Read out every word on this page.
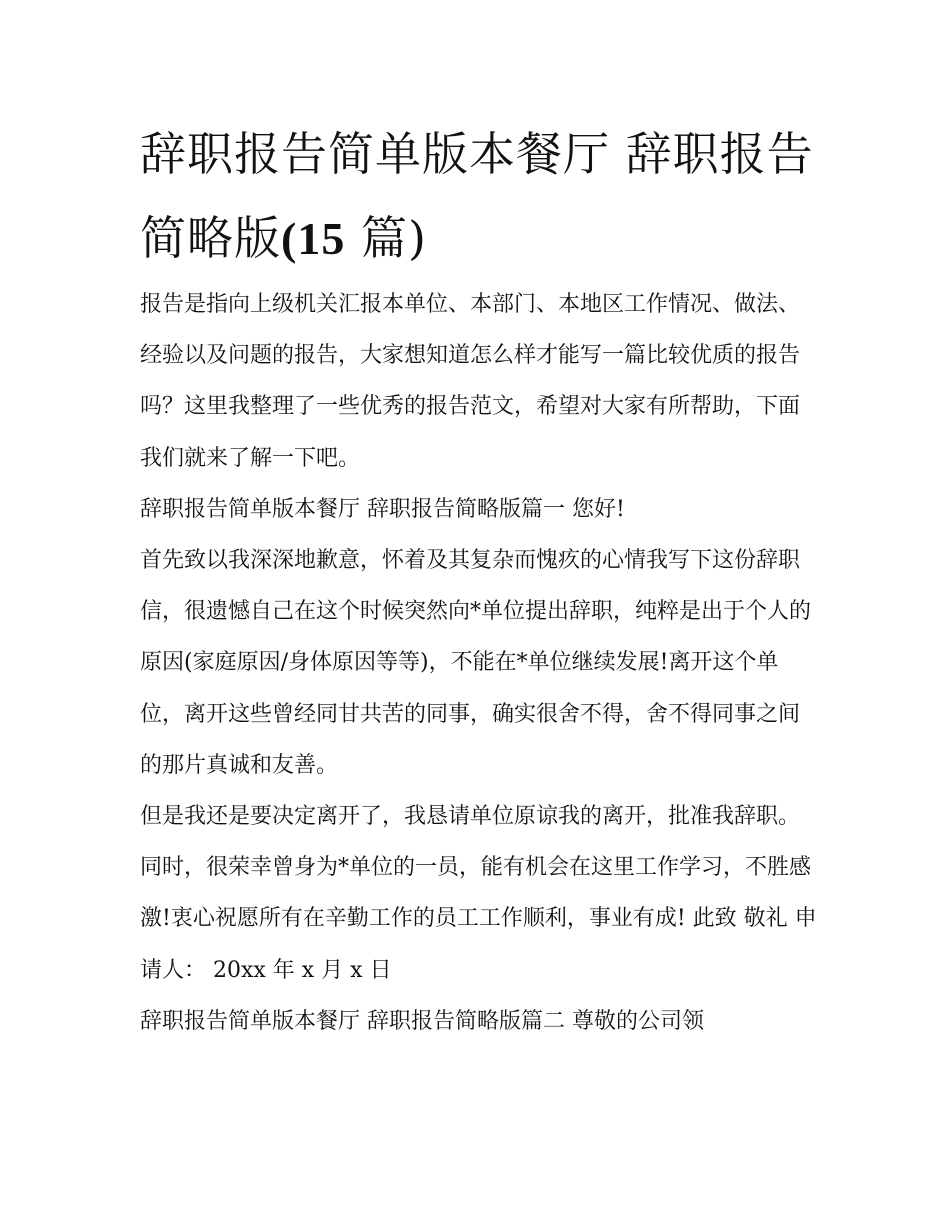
辞职报告简单版本餐厅 辞职报告简略版(15 篇)

报告是指向上级机关汇报本单位、本部门、本地区工作情况、做法、经验以及问题的报告，大家想知道怎么样才能写一篇比较优质的报告吗？这里我整理了一些优秀的报告范文，希望对大家有所帮助，下面我们就来了解一下吧。

辞职报告简单版本餐厅 辞职报告简略版篇一 您好!

首先致以我深深地歉意，怀着及其复杂而愧疚的心情我写下这份辞职信，很遗憾自己在这个时候突然向*单位提出辞职，纯粹是出于个人的原因(家庭原因/身体原因等等)，不能在*单位继续发展!离开这个单位，离开这些曾经同甘共苦的同事，确实很舍不得，舍不得同事之间的那片真诚和友善。

但是我还是要决定离开了，我恳请单位原谅我的离开，批准我辞职。

同时，很荣幸曾身为*单位的一员，能有机会在这里工作学习，不胜感激!衷心祝愿所有在辛勤工作的员工工作顺利，事业有成! 此致 敬礼 申请人： 20xx 年 x 月 x 日

辞职报告简单版本餐厅 辞职报告简略版篇二 尊敬的公司领
